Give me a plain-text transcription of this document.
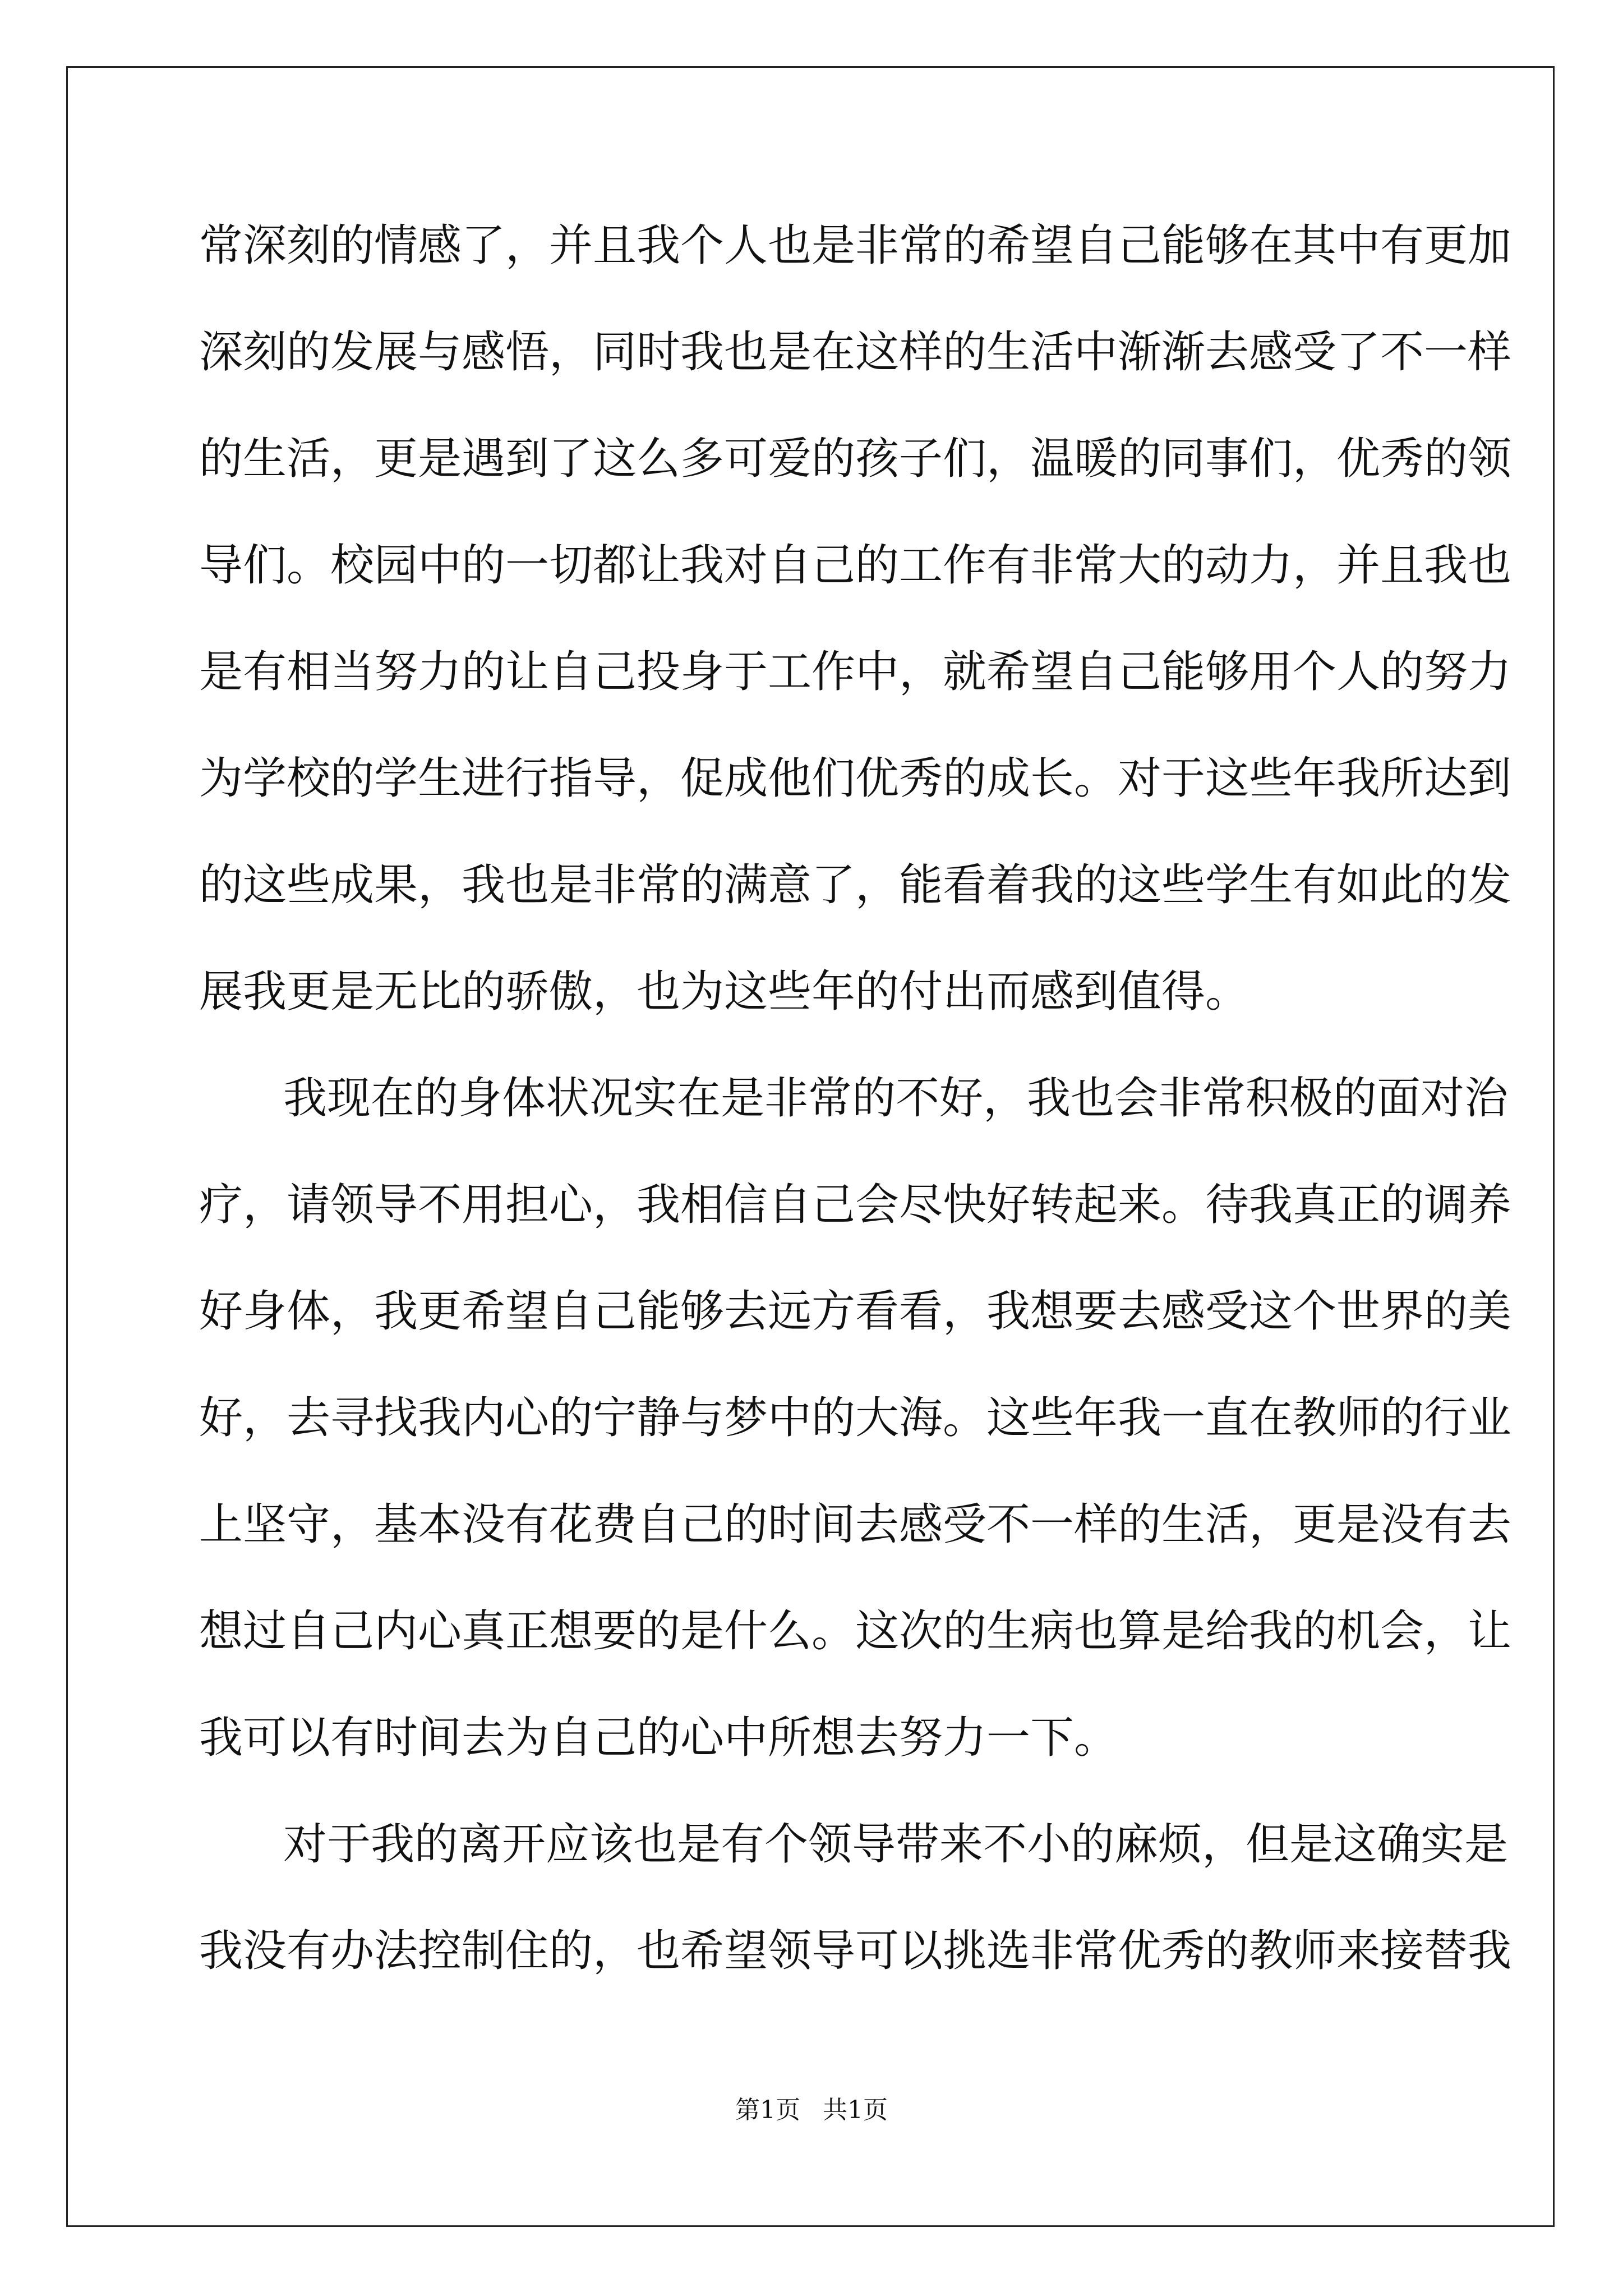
常深刻的情感了，并且我个人也是非常的希望自己能够在其中有更加
深刻的发展与感悟，同时我也是在这样的生活中渐渐去感受了不一样
的生活，更是遇到了这么多可爱的孩子们，温暖的同事们，优秀的领
导们。校园中的一切都让我对自己的工作有非常大的动力，并且我也
是有相当努力的让自己投身于工作中，就希望自己能够用个人的努力
为学校的学生进行指导，促成他们优秀的成长。对于这些年我所达到
的这些成果，我也是非常的满意了，能看着我的这些学生有如此的发
展我更是无比的骄傲，也为这些年的付出而感到值得。
我现在的身体状况实在是非常的不好，我也会非常积极的面对治
疗，请领导不用担心，我相信自己会尽快好转起来。待我真正的调养
好身体，我更希望自己能够去远方看看，我想要去感受这个世界的美
好，去寻找我内心的宁静与梦中的大海。这些年我一直在教师的行业
上坚守，基本没有花费自己的时间去感受不一样的生活，更是没有去
想过自己内心真正想要的是什么。这次的生病也算是给我的机会，让
我可以有时间去为自己的心中所想去努力一下。
对于我的离开应该也是有个领导带来不小的麻烦，但是这确实是
我没有办法控制住的，也希望领导可以挑选非常优秀的教师来接替我
第1页 共1页
